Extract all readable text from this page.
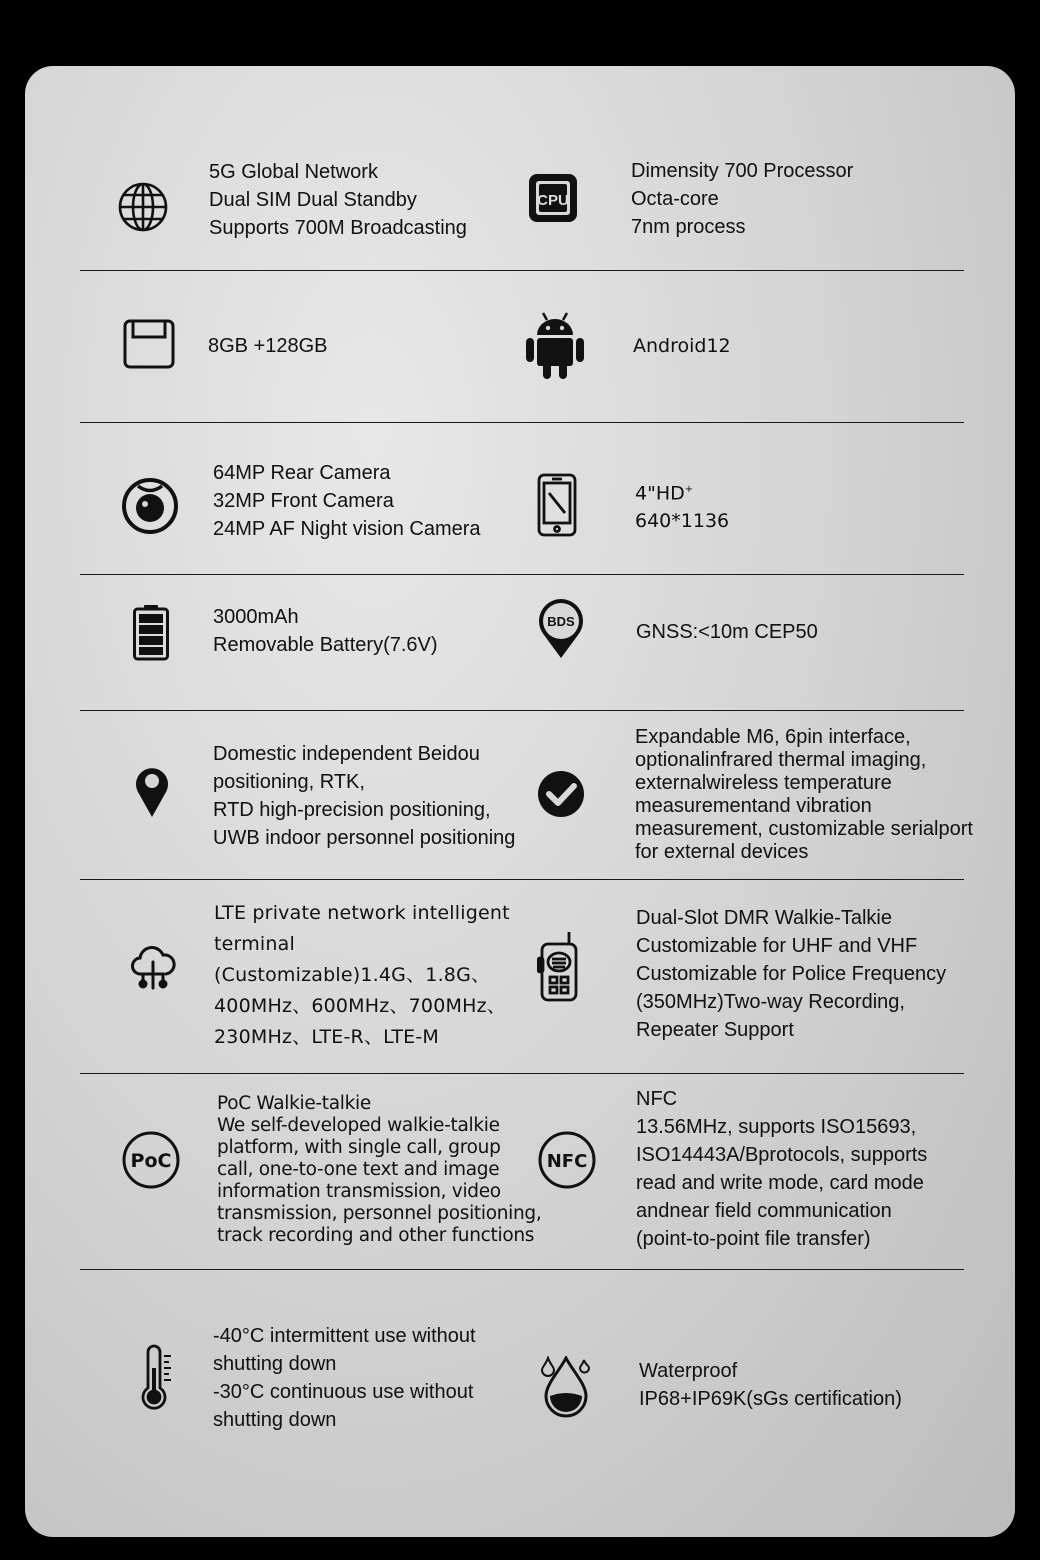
5G Global Network
Dual SIM Dual Standby
Supports 700M Broadcasting

CPU

Dimensity 700 Processor
Octa-core
7nm process

8GB +128GB	Android12

64MP Rear Camera
32MP Front Camera
24MP AF Night vision Camera

4"HD+
640*1136

3000mAh
Removable Battery(7.6V)

BDS	GNSS:<10m CEP50

Domestic independent Beidou
positioning, RTK,
RTD high-precision positioning,
UWB indoor personnel positioning

Expandable M6, 6pin interface,
optionalinfrared thermal imaging,
externalwireless temperature
measurementand vibration
measurement, customizable serialport
for external devices

LTE private network intelligent
terminal
(Customizable)1.4G、1.8G、
400MHz、600MHz、700MHz、
230MHz、LTE-R、LTE-M

Dual-Slot DMR Walkie-Talkie
Customizable for UHF and VHF
Customizable for Police Frequency
(350MHz)Two-way Recording,
Repeater Support

PoC

PoC Walkie-talkie
We self-developed walkie-talkie
platform, with single call, group
call, one-to-one text and image
information transmission, video
transmission, personnel positioning,
track recording and other functions

NFC

NFC
13.56MHz, supports ISO15693,
ISO14443A/Bprotocols, supports
read and write mode, card mode
andnear field communication
(point-to-point file transfer)

-40°C intermittent use without
shutting down
-30°C continuous use without
shutting down

Waterproof
IP68+IP69K(sGs certification)
